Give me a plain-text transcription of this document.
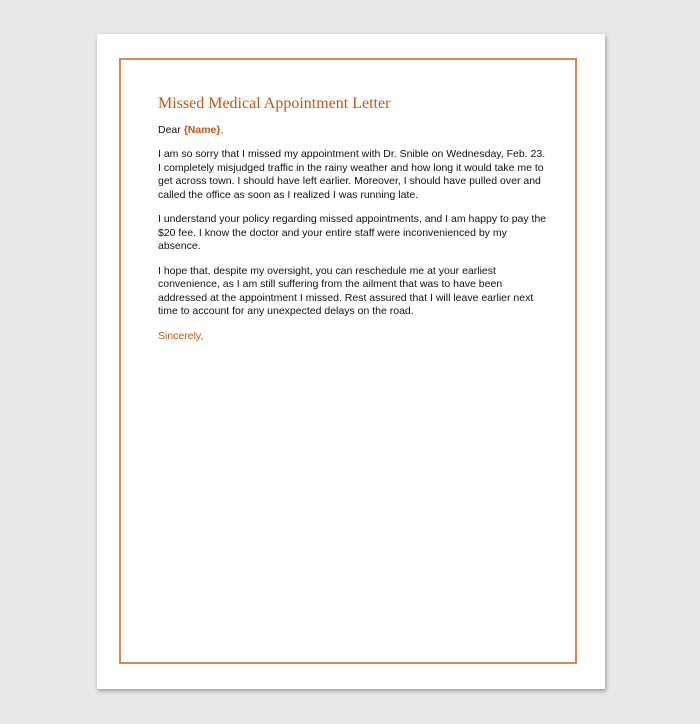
Missed Medical Appointment Letter

Dear {Name},

I am so sorry that I missed my appointment with Dr. Snible on Wednesday, Feb. 23. I completely misjudged traffic in the rainy weather and how long it would take me to get across town. I should have left earlier. Moreover, I should have pulled over and called the office as soon as I realized I was running late.

I understand your policy regarding missed appointments, and I am happy to pay the $20 fee. I know the doctor and your entire staff were inconvenienced by my absence.

I hope that, despite my oversight, you can reschedule me at your earliest convenience, as I am still suffering from the ailment that was to have been addressed at the appointment I missed. Rest assured that I will leave earlier next time to account for any unexpected delays on the road.

Sincerely,
